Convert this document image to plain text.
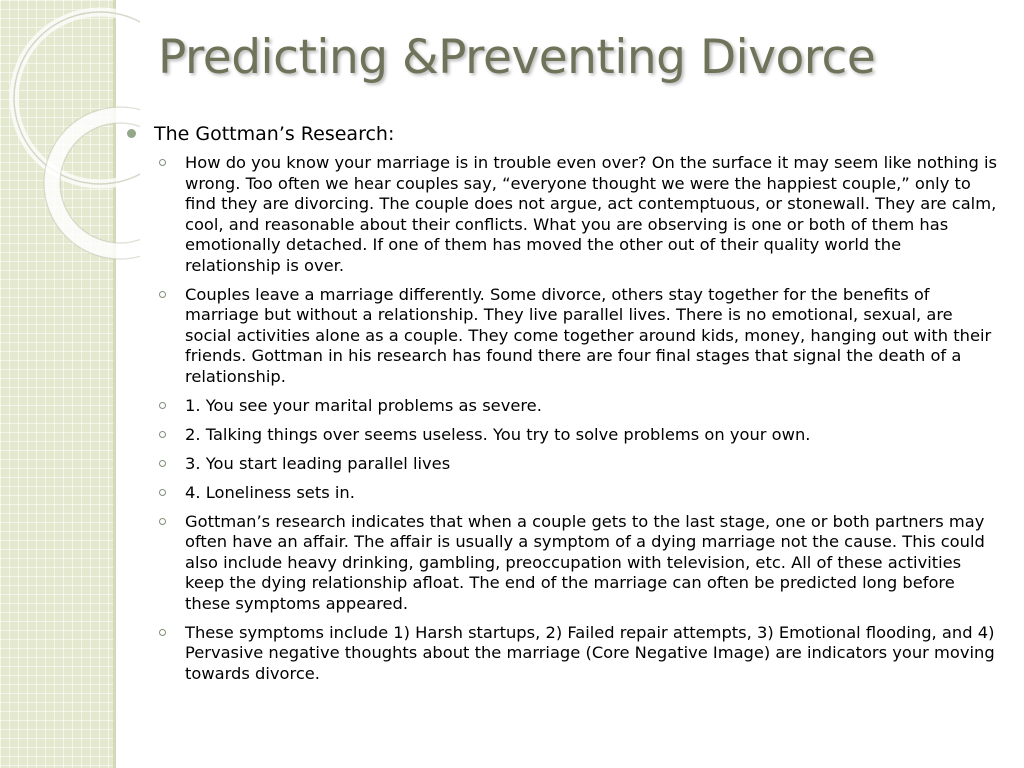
Predicting &Preventing Divorce
The Gottman’s Research:
How do you know your marriage is in trouble even over? On the surface it may seem like nothing is wrong. Too often we hear couples say, “everyone thought we were the happiest couple,” only to find they are divorcing. The couple does not argue, act contemptuous, or stonewall. They are calm, cool, and reasonable about their conflicts. What you are observing is one or both of them has emotionally detached. If one of them has moved the other out of their quality world the relationship is over.
Couples leave a marriage differently. Some divorce, others stay together for the benefits of marriage but without a relationship. They live parallel lives. There is no emotional, sexual, are social activities alone as a couple. They come together around kids, money, hanging out with their friends. Gottman in his research has found there are four final stages that signal the death of a relationship.
1. You see your marital problems as severe.
2. Talking things over seems useless. You try to solve problems on your own.
3. You start leading parallel lives
4. Loneliness sets in.
Gottman’s research indicates that when a couple gets to the last stage, one or both partners may often have an affair. The affair is usually a symptom of a dying marriage not the cause. This could also include heavy drinking, gambling, preoccupation with television, etc. All of these activities keep the dying relationship afloat. The end of the marriage can often be predicted long before these symptoms appeared.
These symptoms include 1) Harsh startups, 2) Failed repair attempts, 3) Emotional flooding, and 4) Pervasive negative thoughts about the marriage (Core Negative Image) are indicators your moving towards divorce.
